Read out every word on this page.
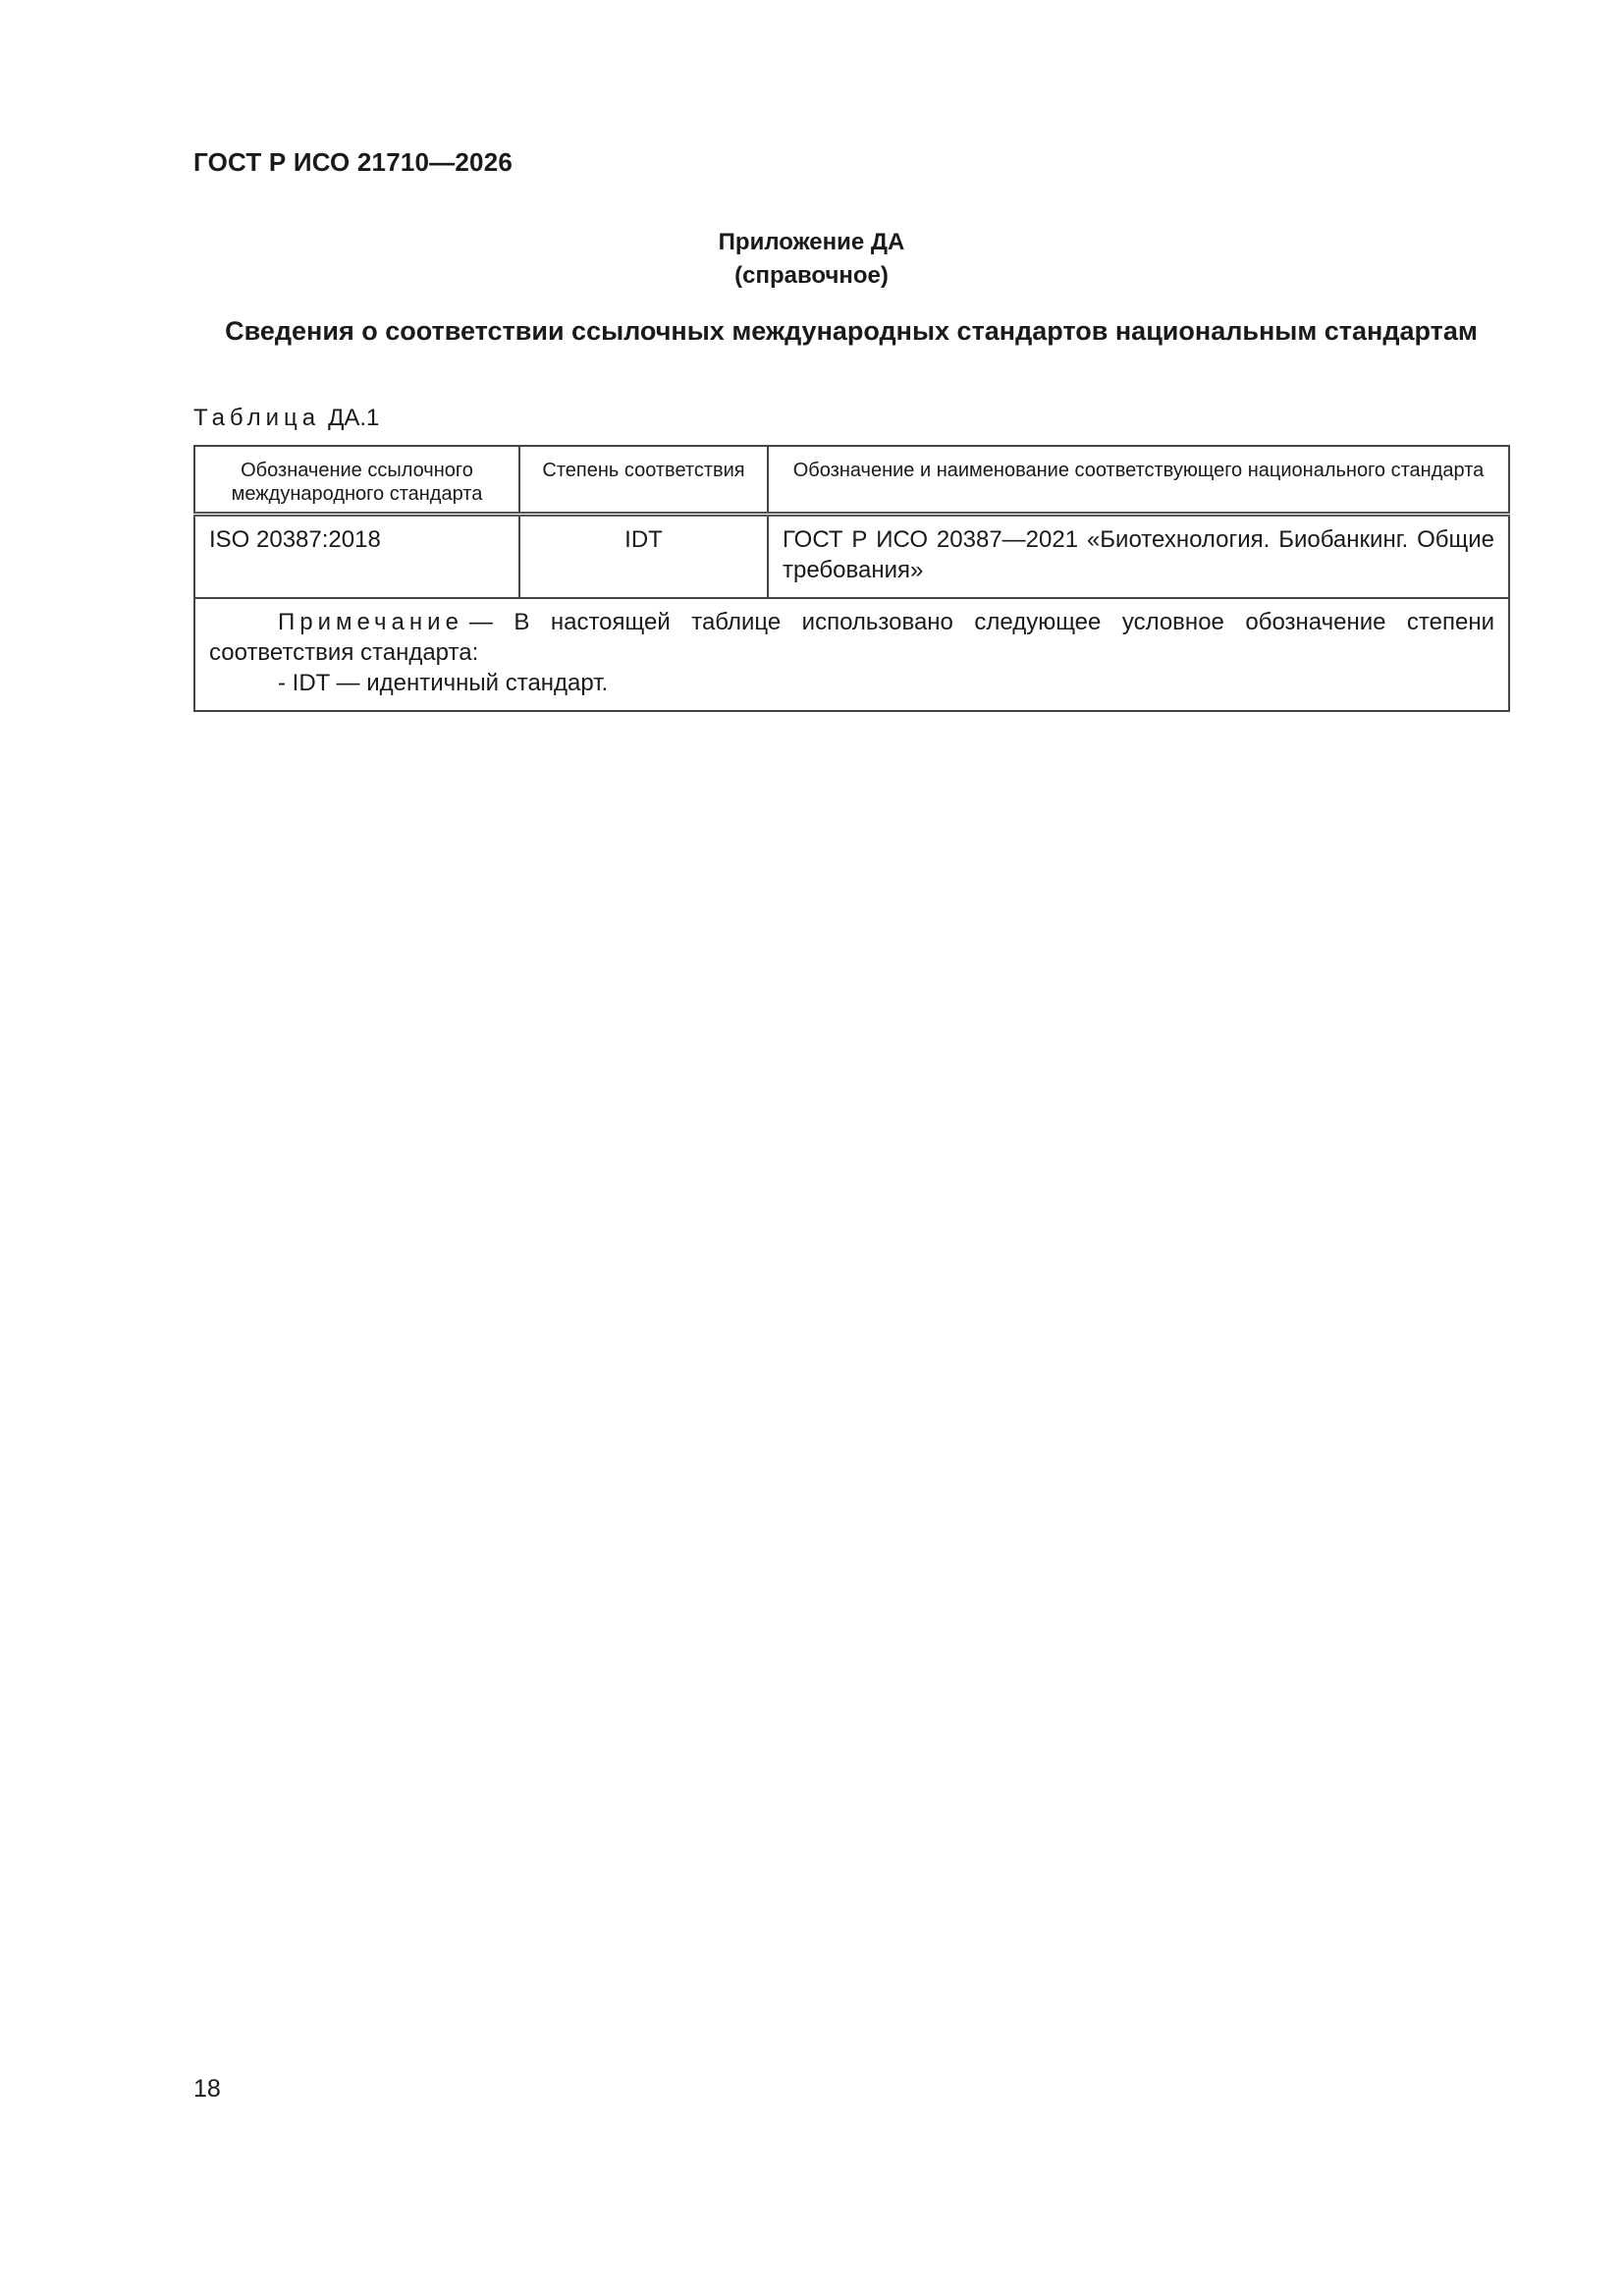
ГОСТ Р ИСО 21710—2026
Приложение ДА
(справочное)
Сведения о соответствии ссылочных международных стандартов национальным стандартам
Таблица ДА.1
Обозначение ссылочного международного стандарта	Степень соответствия	Обозначение и наименование соответствующего национального стандарта
ISO 20387:2018	IDT	ГОСТ Р ИСО 20387—2021 «Биотехнология. Биобанкинг. Общие требования»
Примечание — В настоящей таблице использовано следующее условное обозначение степени соответствия стандарта:
- IDT — идентичный стандарт.		
18
